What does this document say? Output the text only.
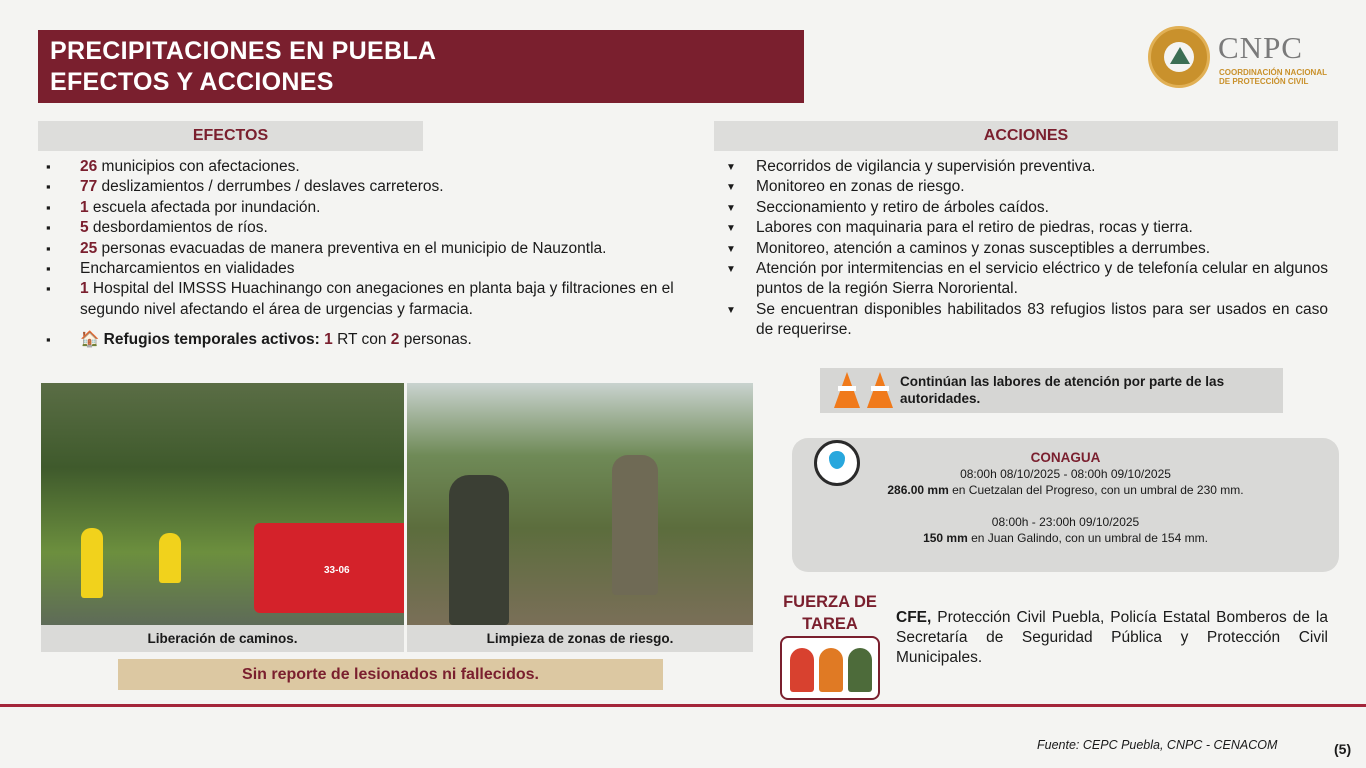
PRECIPITACIONES EN PUEBLA
EFECTOS Y ACCIONES
CNPC
COORDINACIÓN NACIONAL
DE PROTECCIÓN CIVIL
EFECTOS
▪ 26 municipios con afectaciones.
▪ 77 deslizamientos / derrumbes / deslaves carreteros.
▪ 1 escuela afectada por inundación.
▪ 5 desbordamientos de ríos.
▪ 25 personas evacuadas de manera preventiva en el municipio de Nauzontla.
▪ Encharcamientos en vialidades
▪ 1 Hospital del IMSSS Huachinango con anegaciones en planta baja y filtraciones en el segundo nivel afectando el área de urgencias y farmacia.
▪ 🏠 Refugios temporales activos: 1 RT con 2 personas.
ACCIONES
▼ Recorridos de vigilancia y supervisión preventiva.
▼ Monitoreo en zonas de riesgo.
▼ Seccionamiento y retiro de árboles caídos.
▼ Labores con maquinaria para el retiro de piedras, rocas y tierra.
▼ Monitoreo, atención a caminos y zonas susceptibles a derrumbes.
▼ Atención por intermitencias en el servicio eléctrico y de telefonía celular en algunos puntos de la región Sierra Nororiental.
▼ Se encuentran disponibles habilitados 83 refugios listos para ser usados en caso de requerirse.
33-06
Liberación de caminos.	Limpieza de zonas de riesgo.
Sin reporte de lesionados ni fallecidos.
Continúan las labores de atención por parte de las autoridades.
CONAGUA
08:00h 08/10/2025 - 08:00h 09/10/2025
286.00 mm en Cuetzalan del Progreso, con un umbral de 230 mm.
08:00h - 23:00h 09/10/2025
150 mm en Juan Galindo, con un umbral de 154 mm.
FUERZA DE
TAREA	CFE, Protección Civil Puebla, Policía Estatal Bomberos de la Secretaría de Seguridad Pública y Protección Civil Municipales.
Fuente: CEPC Puebla, CNPC - CENACOM	(5)
